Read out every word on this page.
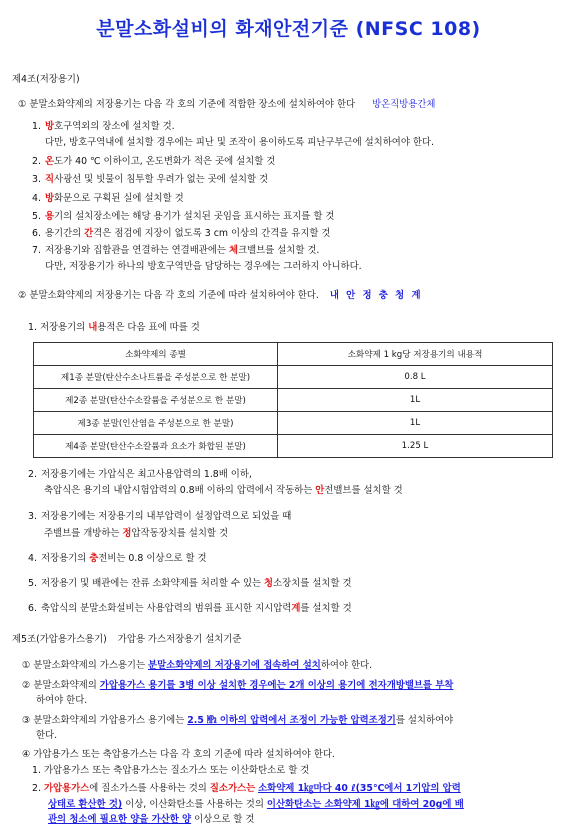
분말소화설비의 화재안전기준 (NFSC 108)
제4조(저장용기)
① 분말소화약제의 저장용기는 다음 각 호의 기준에 적합한 장소에 설치하여야 한다 방온직방용간체
1. 방호구역외의 장소에 설치할 것.
다만, 방호구역내에 설치할 경우에는 피난 및 조작이 용이하도록 피난구부근에 설치하여야 한다.
2. 온도가 40 ℃ 이하이고, 온도변화가 적은 곳에 설치할 것
3. 직사광선 및 빗물이 침투할 우려가 없는 곳에 설치할 것
4. 방화문으로 구획된 실에 설치할 것
5. 용기의 설치장소에는 해당 용기가 설치된 곳임을 표시하는 표지를 할 것
6. 용기간의 간격은 점검에 지장이 없도록 3 cm 이상의 간격을 유지할 것
7. 저장용기와 집합관을 연결하는 연결배관에는 체크밸브를 설치할 것.
다만, 저장용기가 하나의 방호구역만을 담당하는 경우에는 그러하지 아니하다.
② 분말소화약제의 저장용기는 다음 각 호의 기준에 따라 설치하여야 한다. 내 안 정 충 청 계
1. 저장용기의 내용적은 다음 표에 따를 것
소화약제의 종별	소화약제 1 kg당 저장용기의 내용적
제1종 분말(탄산수소나트륨을 주성분으로 한 분말)	0.8 L
제2종 분말(탄산수소칼륨을 주성분으로 한 분말)	1L
제3종 분말(인산염을 주성분으로 한 분말)	1L
제4종 분말(탄산수소칼륨과 요소가 화합된 분말)	1.25 L
2. 저장용기에는 가압식은 최고사용압력의 1.8배 이하,
축압식은 용기의 내압시험압력의 0.8배 이하의 압력에서 작동하는 안전밸브를 설치할 것
3. 저장용기에는 저장용기의 내부압력이 설정압력으로 되었을 때
주밸브를 개방하는 정압작동장치를 설치할 것
4. 저장용기의 충전비는 0.8 이상으로 할 것
5. 저장용기 및 배관에는 잔류 소화약제를 처리할 수 있는 청소장치를 설치할 것
6. 축압식의 분말소화설비는 사용압력의 범위를 표시한 지시압력계를 설치할 것
제5조(가압용가스용기) 가압용 가스저장용기 설치기준
① 분말소화약제의 가스용기는 분말소화약제의 저장용기에 접속하여 설치하여야 한다.
② 분말소화약제의 가압용가스 용기를 3병 이상 설치한 경우에는 2개 이상의 용기에 전자개방밸브를 부착
하여야 한다.
③ 분말소화약제의 가압용가스 용기에는 2.5 ㎫ 이하의 압력에서 조정이 가능한 압력조정기를 설치하여야
한다.
④ 가압용가스 또는 축압용가스는 다음 각 호의 기준에 따라 설치하여야 한다.
1. 가압용가스 또는 축압용가스는 질소가스 또는 이산화탄소로 할 것
2. 가압용가스에 질소가스를 사용하는 것의 질소가스는 소화약제 1㎏마다 40 ℓ(35℃에서 1기압의 압력
상태로 환산한 것) 이상, 이산화탄소를 사용하는 것의 이산화탄소는 소화약제 1㎏에 대하여 20g에 배
관의 청소에 필요한 양을 가산한 양 이상으로 할 것
